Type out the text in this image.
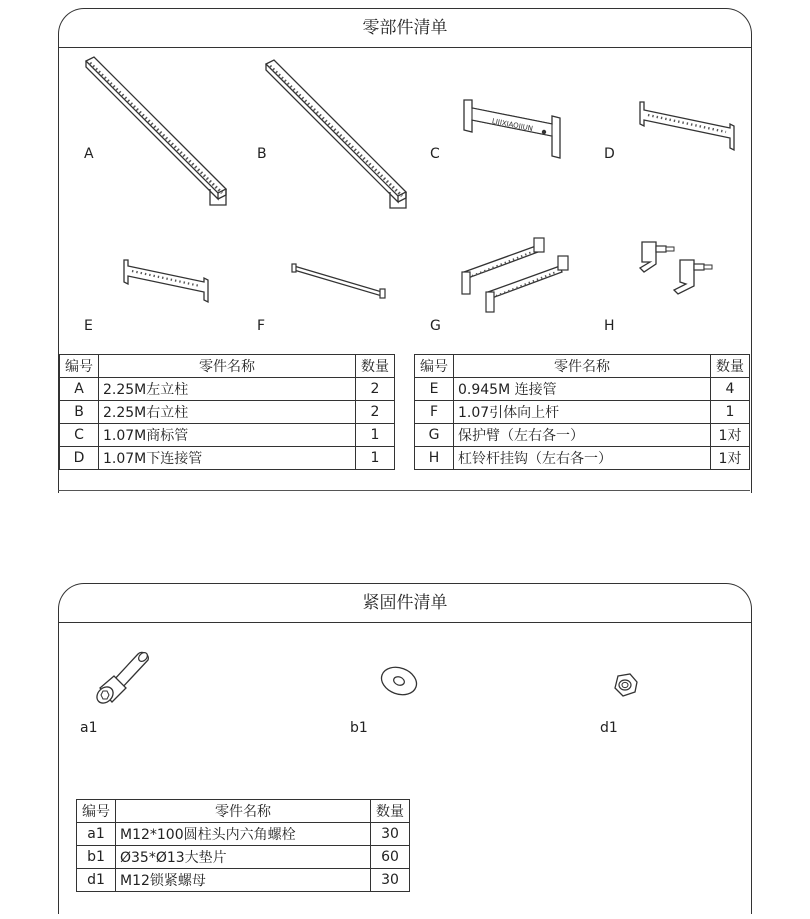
零部件清单
A	B
LIJIXIAOJIUN
C	D
E	F	G	H
编号	零件名称	数量
A	2.25M左立柱	2
B	2.25M右立柱	2
C	1.07M商标管	1
D	1.07M下连接管	1
编号	零件名称	数量
E	0.945M 连接管	4
F	1.07引体向上杆	1
G	保护臂（左右各一）	1对
H	杠铃杆挂钩（左右各一）	1对
紧固件清单
a1	b1	d1
编号	零件名称	数量
a1	M12*100圆柱头内六角螺栓	30
b1	Ø35*Ø13大垫片	60
d1	M12锁紧螺母	30
